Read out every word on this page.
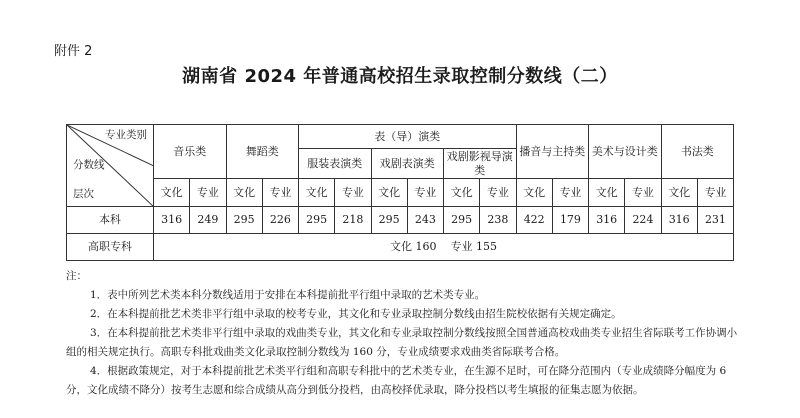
附件 2
湖南省 2024 年普通高校招生录取控制分数线（二）
专业类别
分数线
层次	音乐类		舞蹈类		表（导）演类						播音与主持类		美术与设计类		书法类	
					服装表演类		戏剧表演类		戏剧影视导演类							
	文化	专业	文化	专业	文化	专业	文化	专业	文化	专业	文化	专业	文化	专业	文化	专业
本科	316	249	295	226	295	218	295	243	295	238	422	179	316	224	316	231
高职专科	文化 160    专业 155															
注：
1．表中所列艺术类本科分数线适用于安排在本科提前批平行组中录取的艺术类专业。
2．在本科提前批艺术类非平行组中录取的校考专业，其文化和专业录取控制分数线由招生院校依据有关规定确定。
3．在本科提前批艺术类非平行组中录取的戏曲类专业，其文化和专业录取控制分数线按照全国普通高校戏曲类专业招生省际联考工作协调小组的相关规定执行。高职专科批戏曲类文化录取控制分数线为 160 分，专业成绩要求戏曲类省际联考合格。
4．根据政策规定，对于本科提前批艺术类平行组和高职专科批中的艺术类专业，在生源不足时，可在降分范围内（专业成绩降分幅度为 6分，文化成绩不降分）按考生志愿和综合成绩从高分到低分投档，由高校择优录取，降分投档以考生填报的征集志愿为依据。
